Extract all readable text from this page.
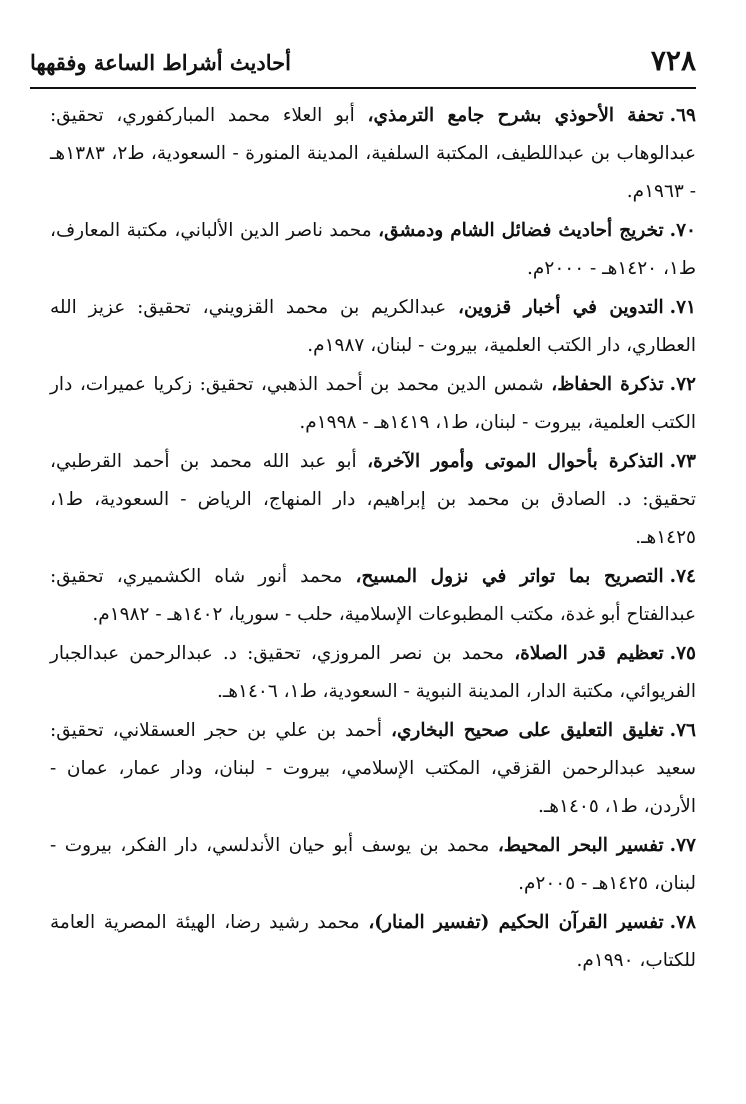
٧٢٨
أحاديث أشراط الساعة وفقهها

٦٩.تحفة الأحوذي بشرح جامع الترمذي، أبو العلاء محمد المباركفوري، تحقيق: عبدالوهاب بن عبداللطيف، المكتبة السلفية، المدينة المنورة - السعودية، ط٢، ١٣٨٣هـ - ١٩٦٣م.

٧٠.تخريج أحاديث فضائل الشام ودمشق، محمد ناصر الدين الألباني، مكتبة المعارف، ط١، ١٤٢٠هـ - ٢٠٠٠م.

٧١.التدوين في أخبار قزوين، عبدالكريم بن محمد القزويني، تحقيق: عزيز الله العطاري، دار الكتب العلمية، بيروت - لبنان، ١٩٨٧م.

٧٢.تذكرة الحفاظ، شمس الدين محمد بن أحمد الذهبي، تحقيق: زكريا عميرات، دار الكتب العلمية، بيروت - لبنان، ط١، ١٤١٩هـ - ١٩٩٨م.

٧٣.التذكرة بأحوال الموتى وأمور الآخرة، أبو عبد الله محمد بن أحمد القرطبي، تحقيق: د. الصادق بن محمد بن إبراهيم، دار المنهاج، الرياض - السعودية، ط١، ١٤٢٥هـ.

٧٤.التصريح بما تواتر في نزول المسيح، محمد أنور شاه الكشميري، تحقيق: عبدالفتاح أبو غدة، مكتب المطبوعات الإسلامية، حلب - سوريا، ١٤٠٢هـ - ١٩٨٢م.

٧٥.تعظيم قدر الصلاة، محمد بن نصر المروزي، تحقيق: د. عبدالرحمن عبدالجبار الفريوائي، مكتبة الدار، المدينة النبوية - السعودية، ط١، ١٤٠٦هـ.

٧٦.تغليق التعليق على صحيح البخاري، أحمد بن علي بن حجر العسقلاني، تحقيق: سعيد عبدالرحمن القزقي، المكتب الإسلامي، بيروت - لبنان، ودار عمار، عمان - الأردن، ط١، ١٤٠٥هـ.

٧٧.تفسير البحر المحيط، محمد بن يوسف أبو حيان الأندلسي، دار الفكر، بيروت - لبنان، ١٤٢٥هـ - ٢٠٠٥م.

٧٨.تفسير القرآن الحكيم (تفسير المنار)، محمد رشيد رضا، الهيئة المصرية العامة للكتاب، ١٩٩٠م.
